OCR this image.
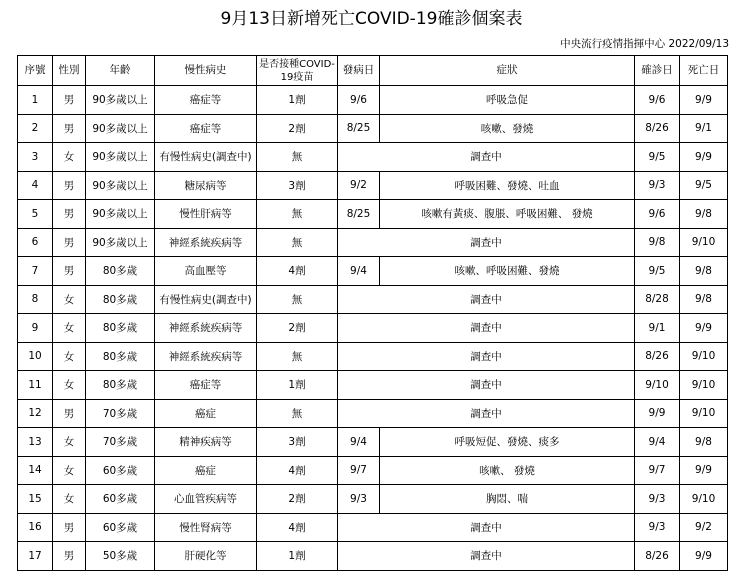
9月13日新增死亡COVID-19確診個案表
中央流行疫情指揮中心 2022/09/13
序號	性別	年齡	慢性病史	是否接種COVID-19疫苗	發病日	症狀	確診日	死亡日
1	男	90多歲以上	癌症等	1劑	9/6	呼吸急促	9/6	9/9
2	男	90多歲以上	癌症等	2劑	8/25	咳嗽、發燒	8/26	9/1
3	女	90多歲以上	有慢性病史(調查中)	無	調查中		9/5	9/9
4	男	90多歲以上	糖尿病等	3劑	9/2	呼吸困難、發燒、吐血	9/3	9/5
5	男	90多歲以上	慢性肝病等	無	8/25	咳嗽有黃痰、腹脹、呼吸困難、 發燒	9/6	9/8
6	男	90多歲以上	神經系統疾病等	無	調查中		9/8	9/10
7	男	80多歲	高血壓等	4劑	9/4	咳嗽、呼吸困難、發燒	9/5	9/8
8	女	80多歲	有慢性病史(調查中)	無	調查中		8/28	9/8
9	女	80多歲	神經系統疾病等	2劑	調查中		9/1	9/9
10	女	80多歲	神經系統疾病等	無	調查中		8/26	9/10
11	女	80多歲	癌症等	1劑	調查中		9/10	9/10
12	男	70多歲	癌症	無	調查中		9/9	9/10
13	女	70多歲	精神疾病等	3劑	9/4	呼吸短促、發燒、痰多	9/4	9/8
14	女	60多歲	癌症	4劑	9/7	咳嗽、 發燒	9/7	9/9
15	女	60多歲	心血管疾病等	2劑	9/3	胸悶、喘	9/3	9/10
16	男	60多歲	慢性腎病等	4劑	調查中		9/3	9/2
17	男	50多歲	肝硬化等	1劑	調查中		8/26	9/9
